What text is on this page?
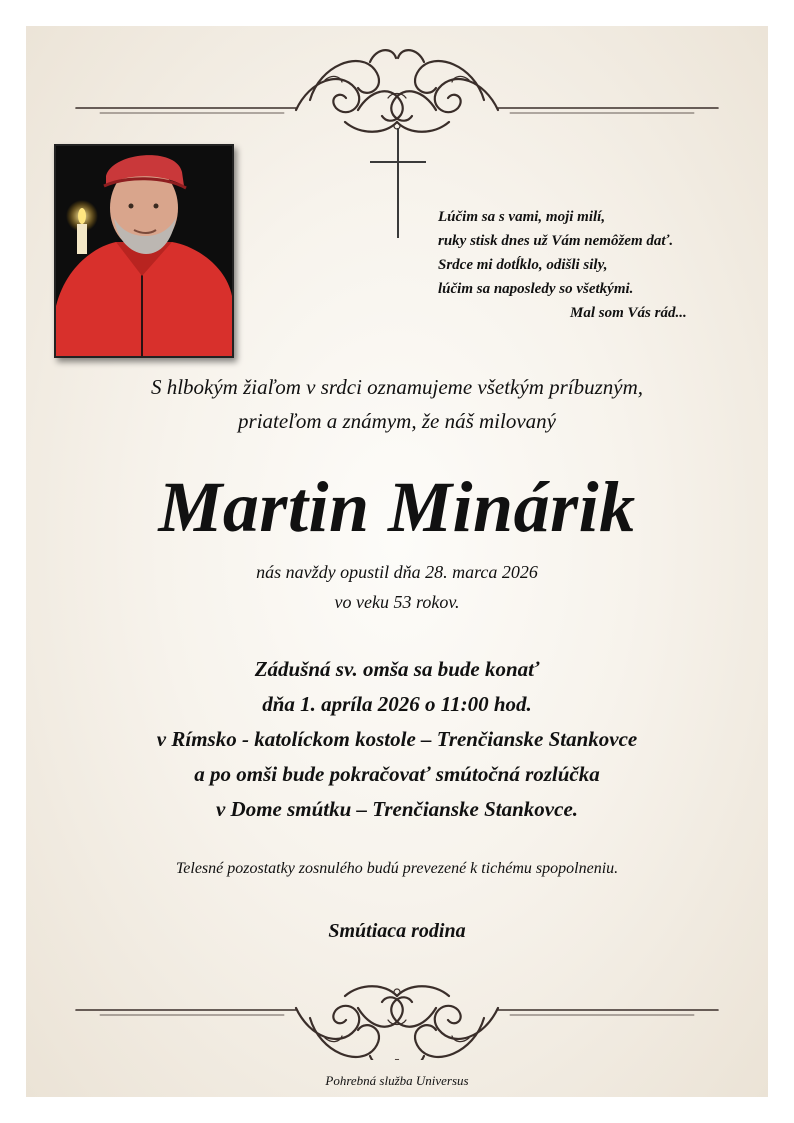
Lúčim sa s vami, moji milí,
ruky stisk dnes už Vám nemôžem dať.
Srdce mi dotĺklo, odišli sily,
lúčim sa naposledy so všetkými.
Mal som Vás rád...
S hlbokým žiaľom v srdci oznamujeme všetkým príbuzným,
priateľom a známym, že náš milovaný
Martin Minárik
nás navždy opustil dňa 28. marca 2026
vo veku 53 rokov.
Zádušná sv. omša sa bude konať
dňa 1. apríla 2026 o 11:00 hod.
v Rímsko - katolíckom kostole – Trenčianske Stankovce
a po omši bude pokračovať smútočná rozlúčka
v Dome smútku – Trenčianske Stankovce.
Telesné pozostatky zosnulého budú prevezené k tichému spopolneniu.
Smútiaca rodina
Pohrebná služba Universus
